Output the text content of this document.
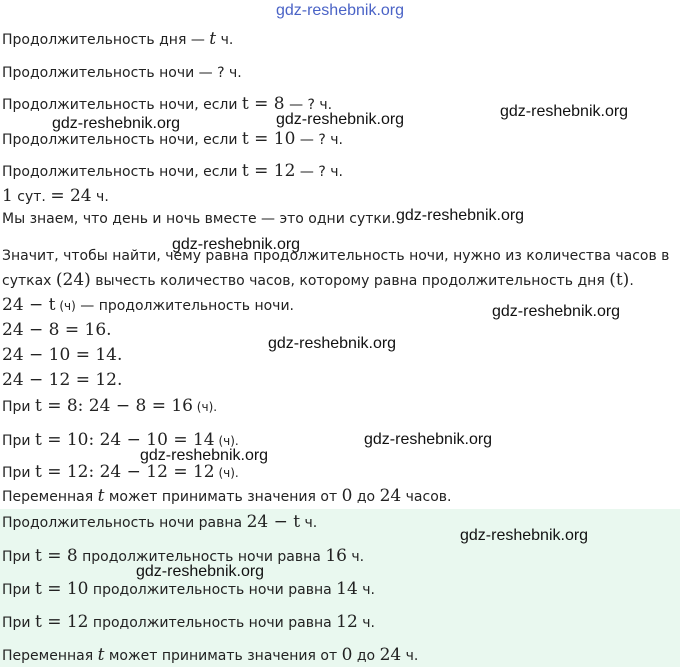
gdz-reshebnik.org
Продолжительность дня — t ч.
Продолжительность ночи — ? ч.
Продолжительность ночи, если t = 8 — ? ч.
Продолжительность ночи, если t = 10 — ? ч.
Продолжительность ночи, если t = 12 — ? ч.
1 сут. = 24 ч.
Мы знаем, что день и ночь вместе — это одни сутки.
Значит, чтобы найти, чему равна продолжительность ночи, нужно из количества часов в
сутках (24) вычесть количество часов, которому равна продолжительность дня (t).
24 − t (ч) — продолжительность ночи.
24 − 8 = 16.
24 − 10 = 14.
24 − 12 = 12.
При t = 8: 24 − 8 = 16 (ч).
При t = 10: 24 − 10 = 14 (ч).
При t = 12: 24 − 12 = 12 (ч).
Переменная t может принимать значения от 0 до 24 часов.
Продолжительность ночи равна 24 − t ч.
При t = 8 продолжительность ночи равна 16 ч.
При t = 10 продолжительность ночи равна 14 ч.
При t = 12 продолжительность ночи равна 12 ч.
Переменная t может принимать значения от 0 до 24 ч.
gdz-reshebnik.org
gdz-reshebnik.org	gdz-reshebnik.org
gdz-reshebnik.org
gdz-reshebnik.org
gdz-reshebnik.org
gdz-reshebnik.org
gdz-reshebnik.org
gdz-reshebnik.org
gdz-reshebnik.org
gdz-reshebnik.org
